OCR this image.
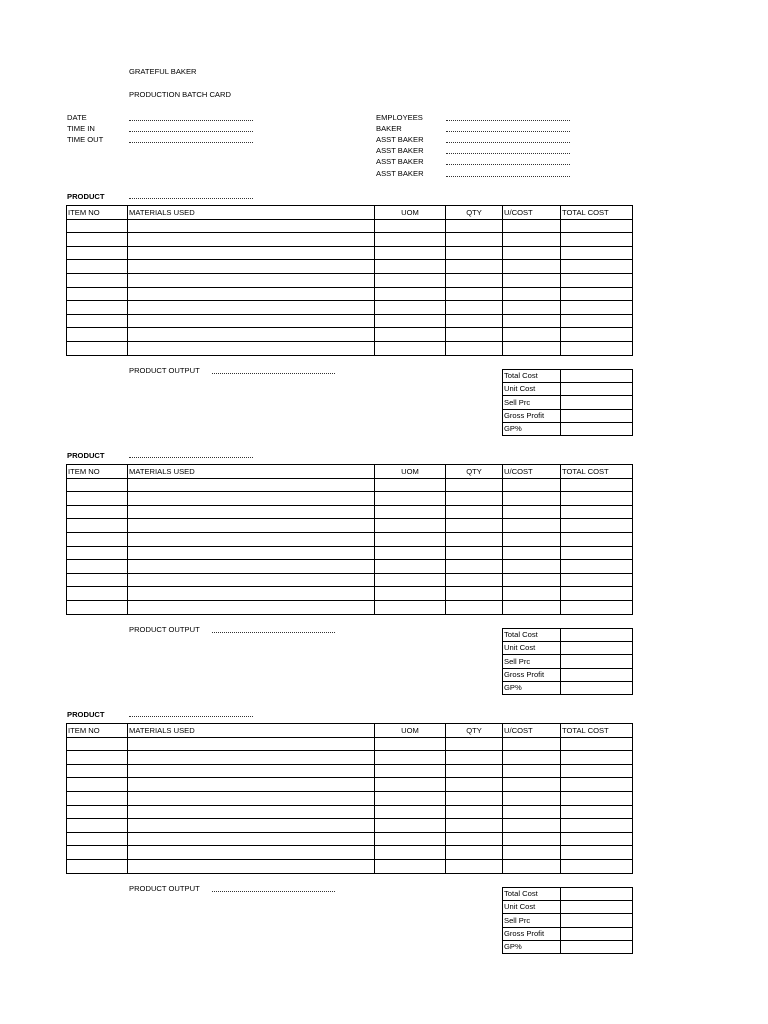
GRATEFUL BAKER
PRODUCTION BATCH CARD
DATE
TIME IN
TIME OUT
EMPLOYEES
BAKER
ASST BAKER
ASST BAKER
ASST BAKER
ASST BAKER
PRODUCT
ITEM NO	MATERIALS USED	UOM	QTY	U/COST	TOTAL COST

PRODUCT OUTPUT
Total Cost	
Unit Cost	
Sell Prc	
Gross Profit	
GP%	
PRODUCT
ITEM NO	MATERIALS USED	UOM	QTY	U/COST	TOTAL COST

PRODUCT OUTPUT
Total Cost	
Unit Cost	
Sell Prc	
Gross Profit	
GP%	
PRODUCT
ITEM NO	MATERIALS USED	UOM	QTY	U/COST	TOTAL COST

PRODUCT OUTPUT
Total Cost	
Unit Cost	
Sell Prc	
Gross Profit	
GP%	
